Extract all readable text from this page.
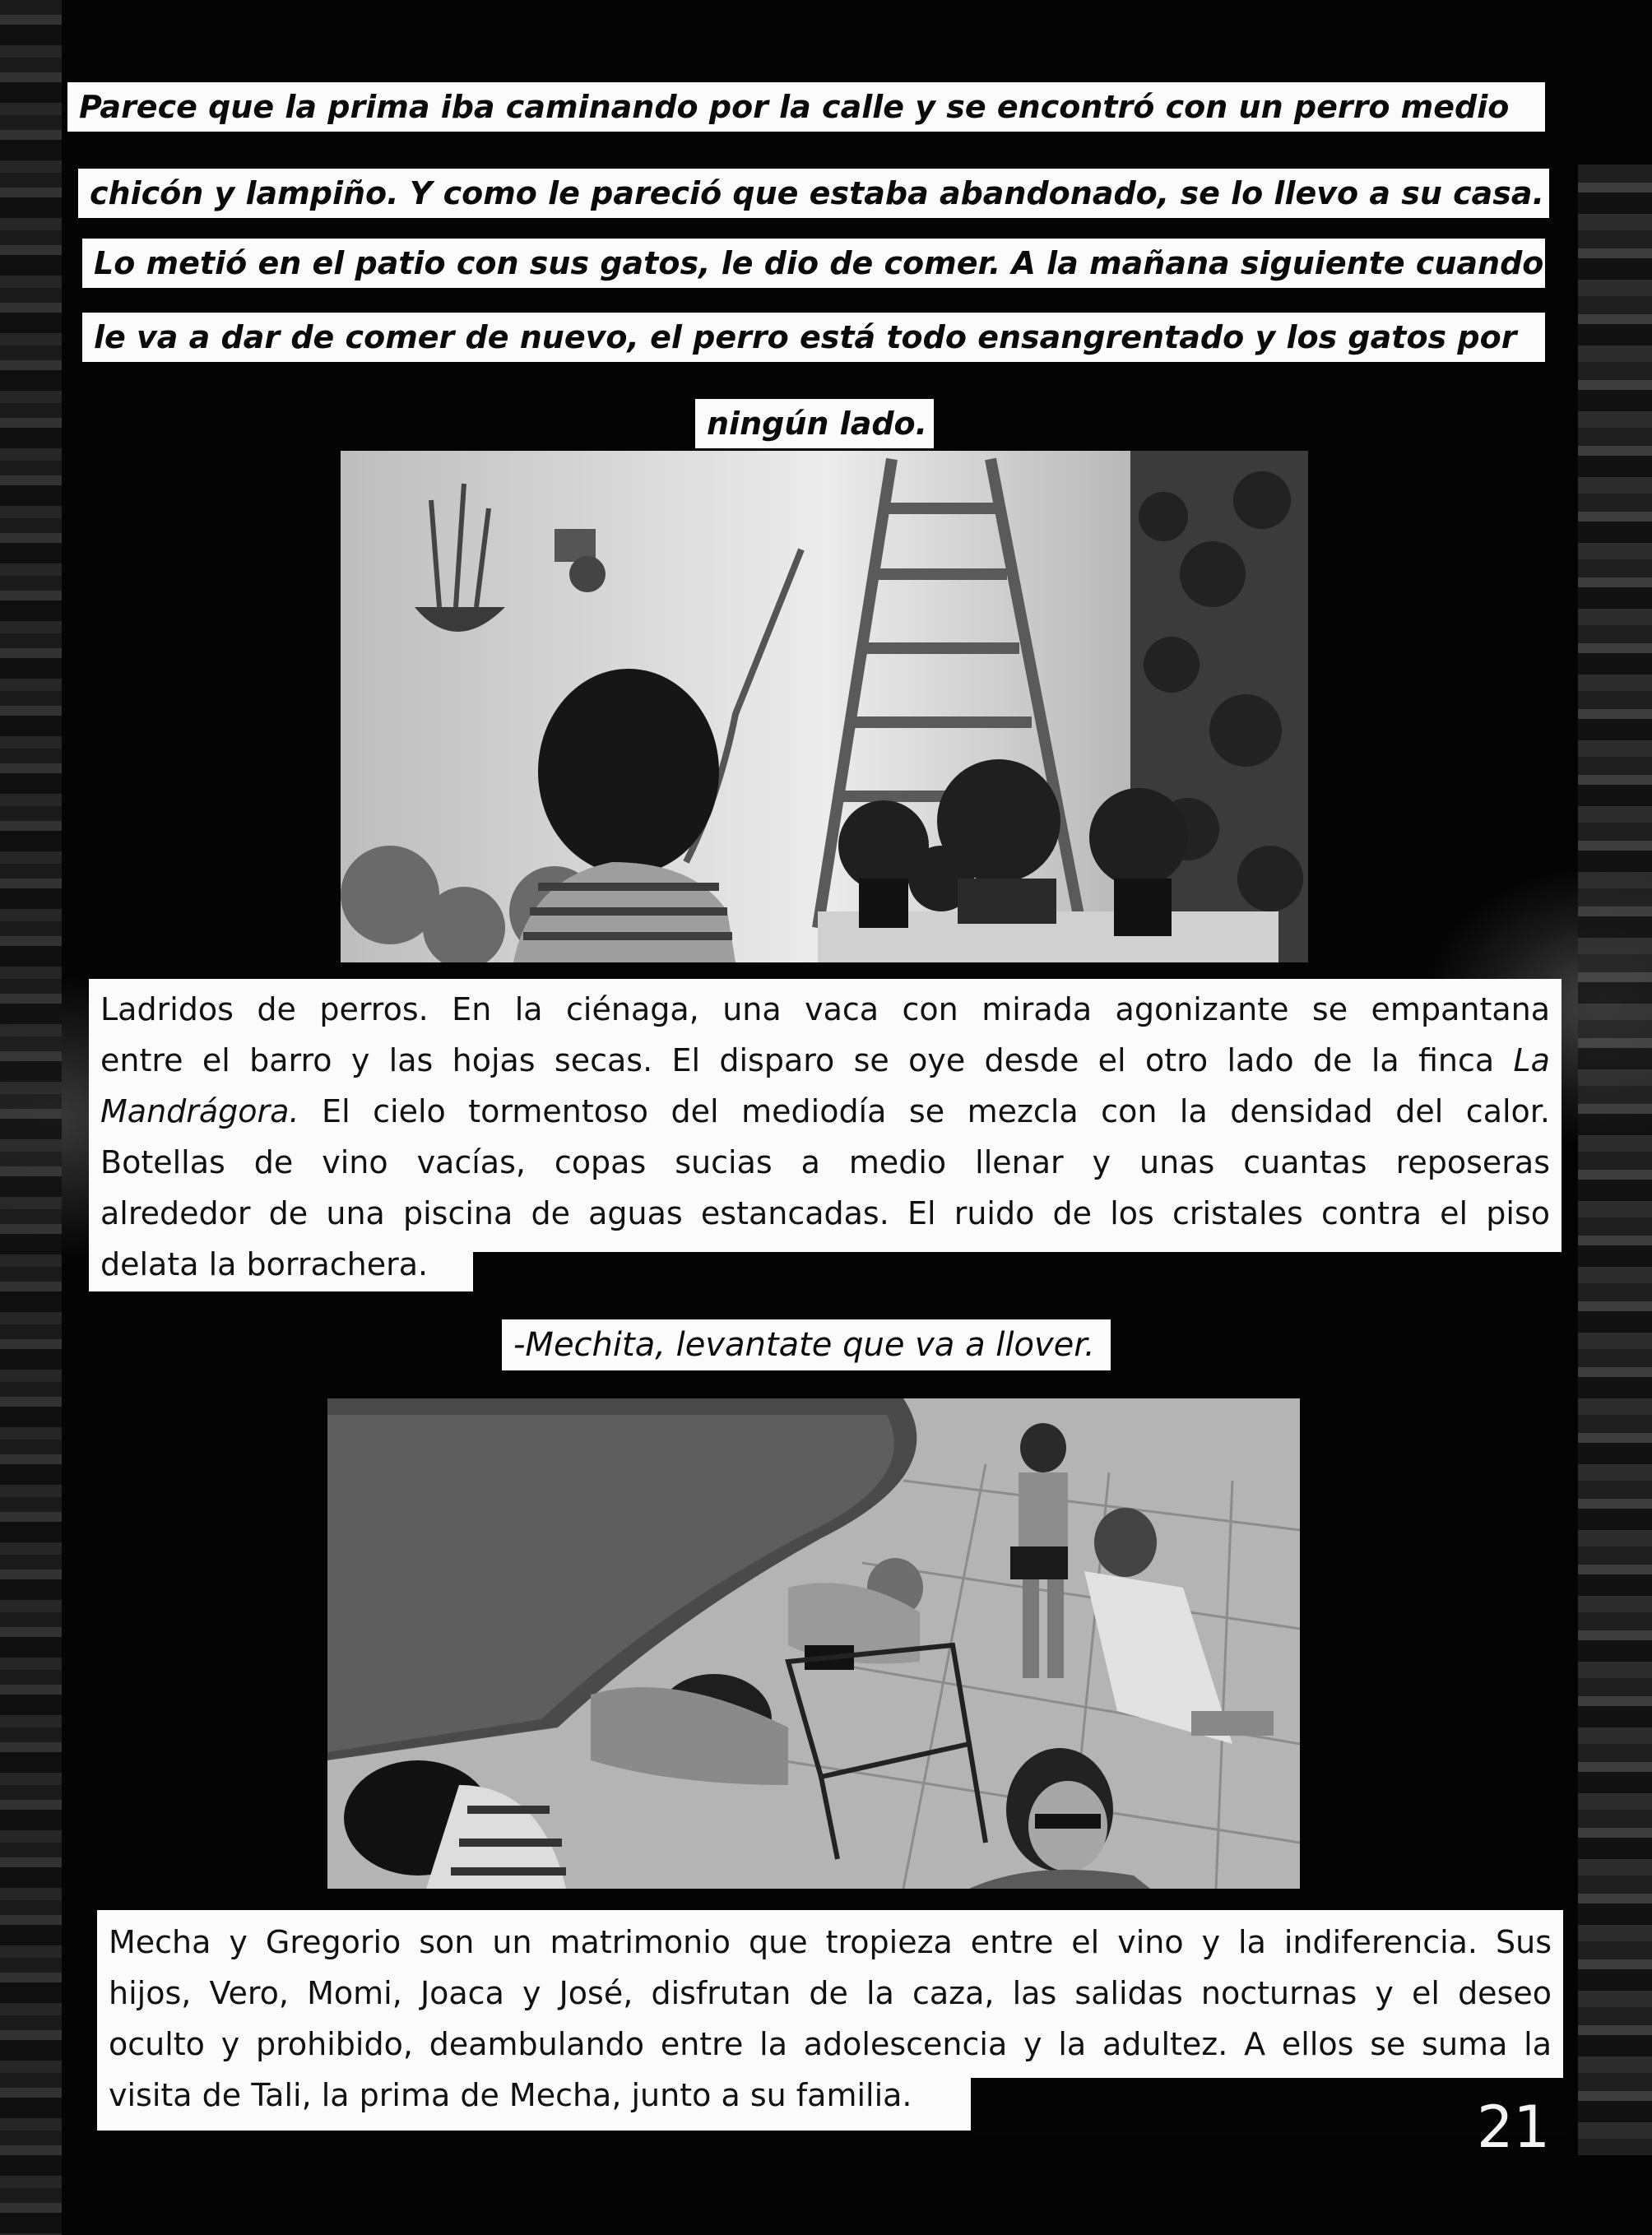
Parece que la prima iba caminando por la calle y se encontró con un perro medio
chicón y lampiño. Y como le pareció que estaba abandonado, se lo llevo a su casa.
Lo metió en el patio con sus gatos, le dio de comer. A la mañana siguiente cuando
le va a dar de comer de nuevo, el perro está todo ensangrentado y los gatos por
ningún lado.
Ladridos de perros. En la ciénaga, una vaca con mirada agonizante se empantana
entre el barro y las hojas secas. El disparo se oye desde el otro lado de la finca La
Mandrágora. El cielo tormentoso del mediodía se mezcla con la densidad del calor.
Botellas de vino vacías, copas sucias a medio llenar y unas cuantas reposeras
alrededor de una piscina de aguas estancadas. El ruido de los cristales contra el piso
delata la borrachera.
-Mechita, levantate que va a llover.
Mecha y Gregorio son un matrimonio que tropieza entre el vino y la indiferencia. Sus
hijos, Vero, Momi, Joaca y José, disfrutan de la caza, las salidas nocturnas y el deseo
oculto y prohibido, deambulando entre la adolescencia y la adultez. A ellos se suma la
visita de Tali, la prima de Mecha, junto a su familia.	21
